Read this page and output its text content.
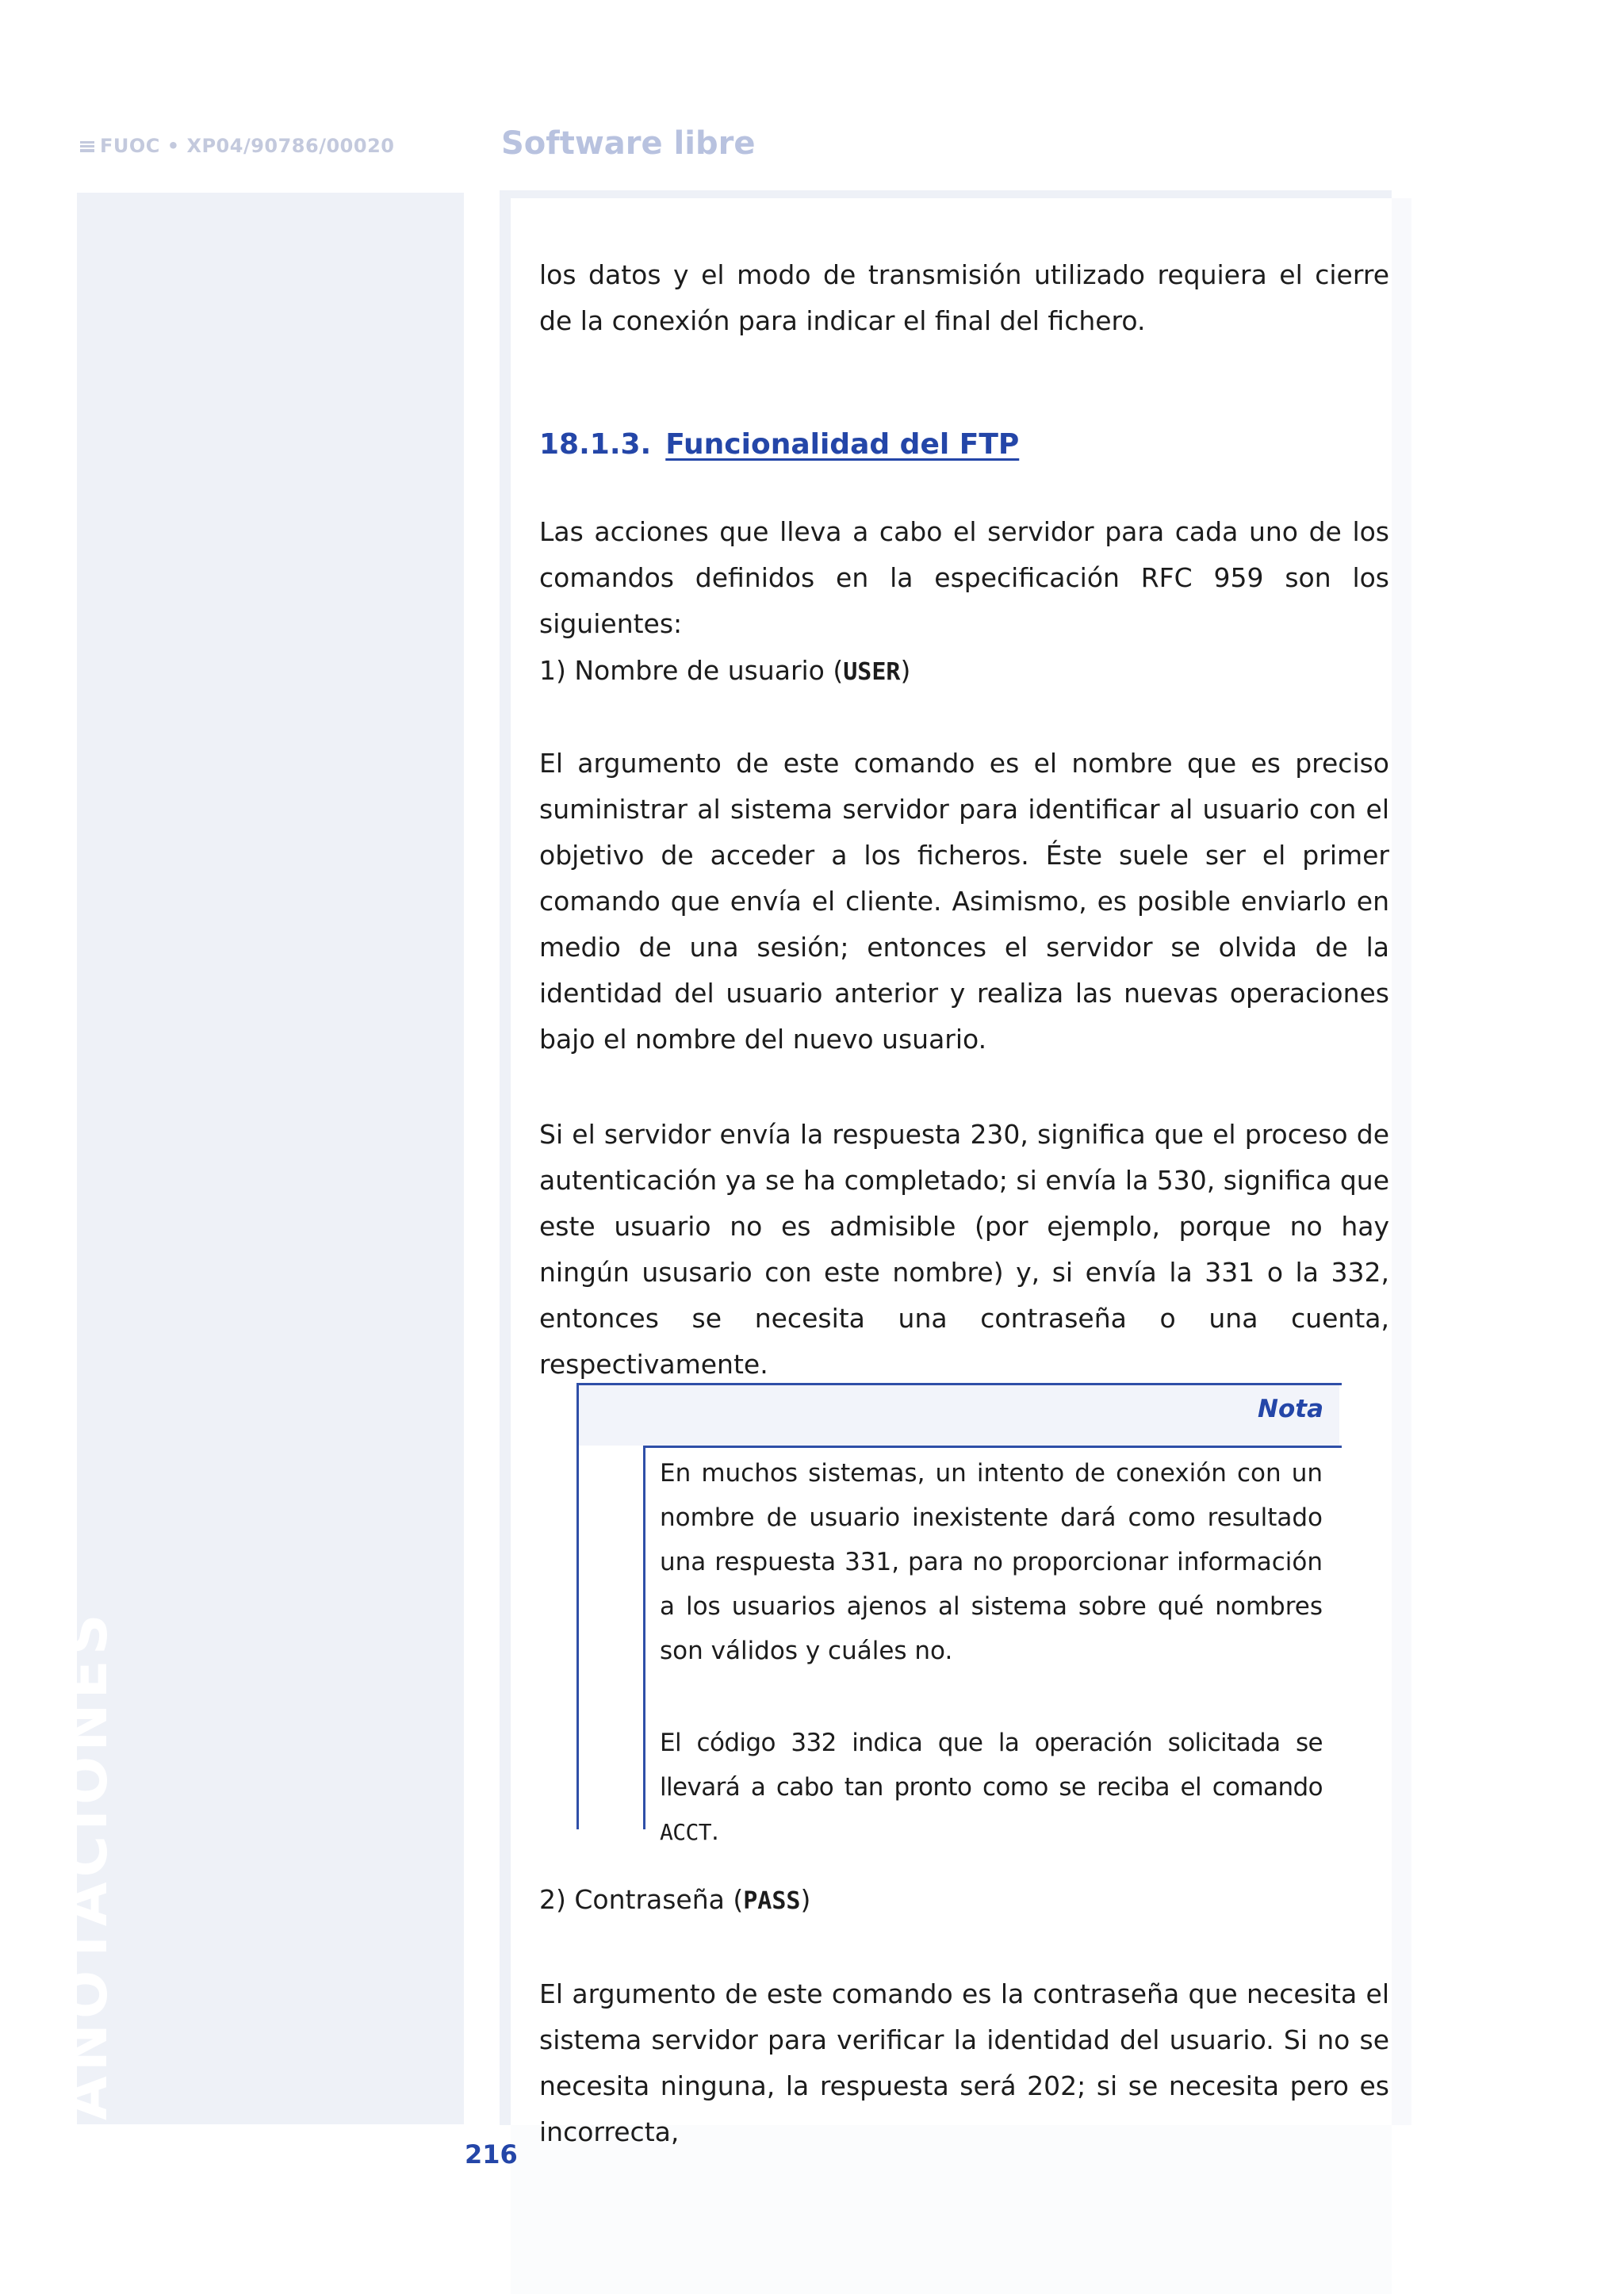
FUOC • XP04/90786/00020	Software libre
ANOTACIONES

los datos y el modo de transmisión utilizado requiera el cierre de la conexión para indicar el final del fichero.

18.1.3. Funcionalidad del FTP

Las acciones que lleva a cabo el servidor para cada uno de los comandos definidos en la especificación RFC 959 son los siguientes:

1) Nombre de usuario (USER)

El argumento de este comando es el nombre que es preciso suministrar al sistema servidor para identificar al usuario con el objetivo de acceder a los ficheros. Éste suele ser el primer comando que envía el cliente. Asimismo, es posible enviarlo en medio de una sesión; entonces el servidor se olvida de la identidad del usuario anterior y realiza las nuevas operaciones bajo el nombre del nuevo usuario.

Si el servidor envía la respuesta 230, significa que el proceso de autenticación ya se ha completado; si envía la 530, significa que este usuario no es admisible (por ejemplo, porque no hay ningún ususario con este nombre) y, si envía la 331 o la 332, entonces se necesita una contraseña o una cuenta, respectivamente.

Nota

En muchos sistemas, un intento de conexión con un nombre de usuario inexistente dará como resultado una respuesta 331, para no proporcionar información a los usuarios ajenos al sistema sobre qué nombres son válidos y cuáles no.

El código 332 indica que la operación solicitada se llevará a cabo tan pronto como se reciba el comando ACCT.

2) Contraseña (PASS)

El argumento de este comando es la contraseña que necesita el sistema servidor para verificar la identidad del usuario. Si no se necesita ninguna, la respuesta será 202; si se necesita pero es incorrecta,

216
